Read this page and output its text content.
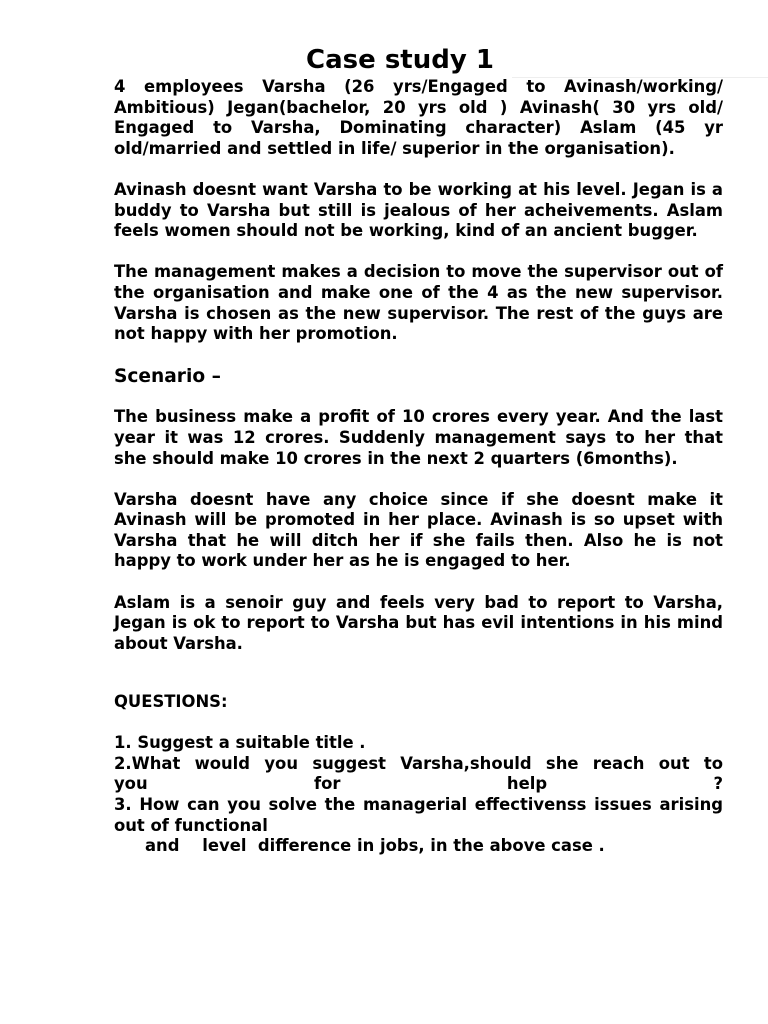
Case study 1

4 employees Varsha (26 yrs/Engaged to Avinash/working/ Ambitious) Jegan(bachelor, 20 yrs old ) Avinash( 30 yrs old/ Engaged to Varsha, Dominating character) Aslam (45 yr old/married and settled in life/ superior in the organisation).

Avinash doesnt want Varsha to be working at his level. Jegan is a buddy to Varsha but still is jealous of her acheivements. Aslam feels women should not be working, kind of an ancient bugger.

The management makes a decision to move the supervisor out of the organisation and make one of the 4 as the new supervisor. Varsha is chosen as the new supervisor. The rest of the guys are not happy with her promotion.

Scenario –

The business make a profit of 10 crores every year. And the last year it was 12 crores. Suddenly management says to her that she should make 10 crores in the next 2 quarters (6months).

Varsha doesnt have any choice since if she doesnt make it Avinash will be promoted in her place. Avinash is so upset with Varsha that he will ditch her if she fails then. Also he is not happy to work under her as he is engaged to her.

Aslam is a senoir guy and feels very bad to report to Varsha, Jegan is ok to report to Varsha but has evil intentions in his mind about Varsha.

QUESTIONS:

1. Suggest a suitable title .

2.What would you suggest Varsha,should she reach out to

you for help ?

3. How can you solve the managerial effectivenss issues arising out of functional

and    level  difference in jobs, in the above case .
